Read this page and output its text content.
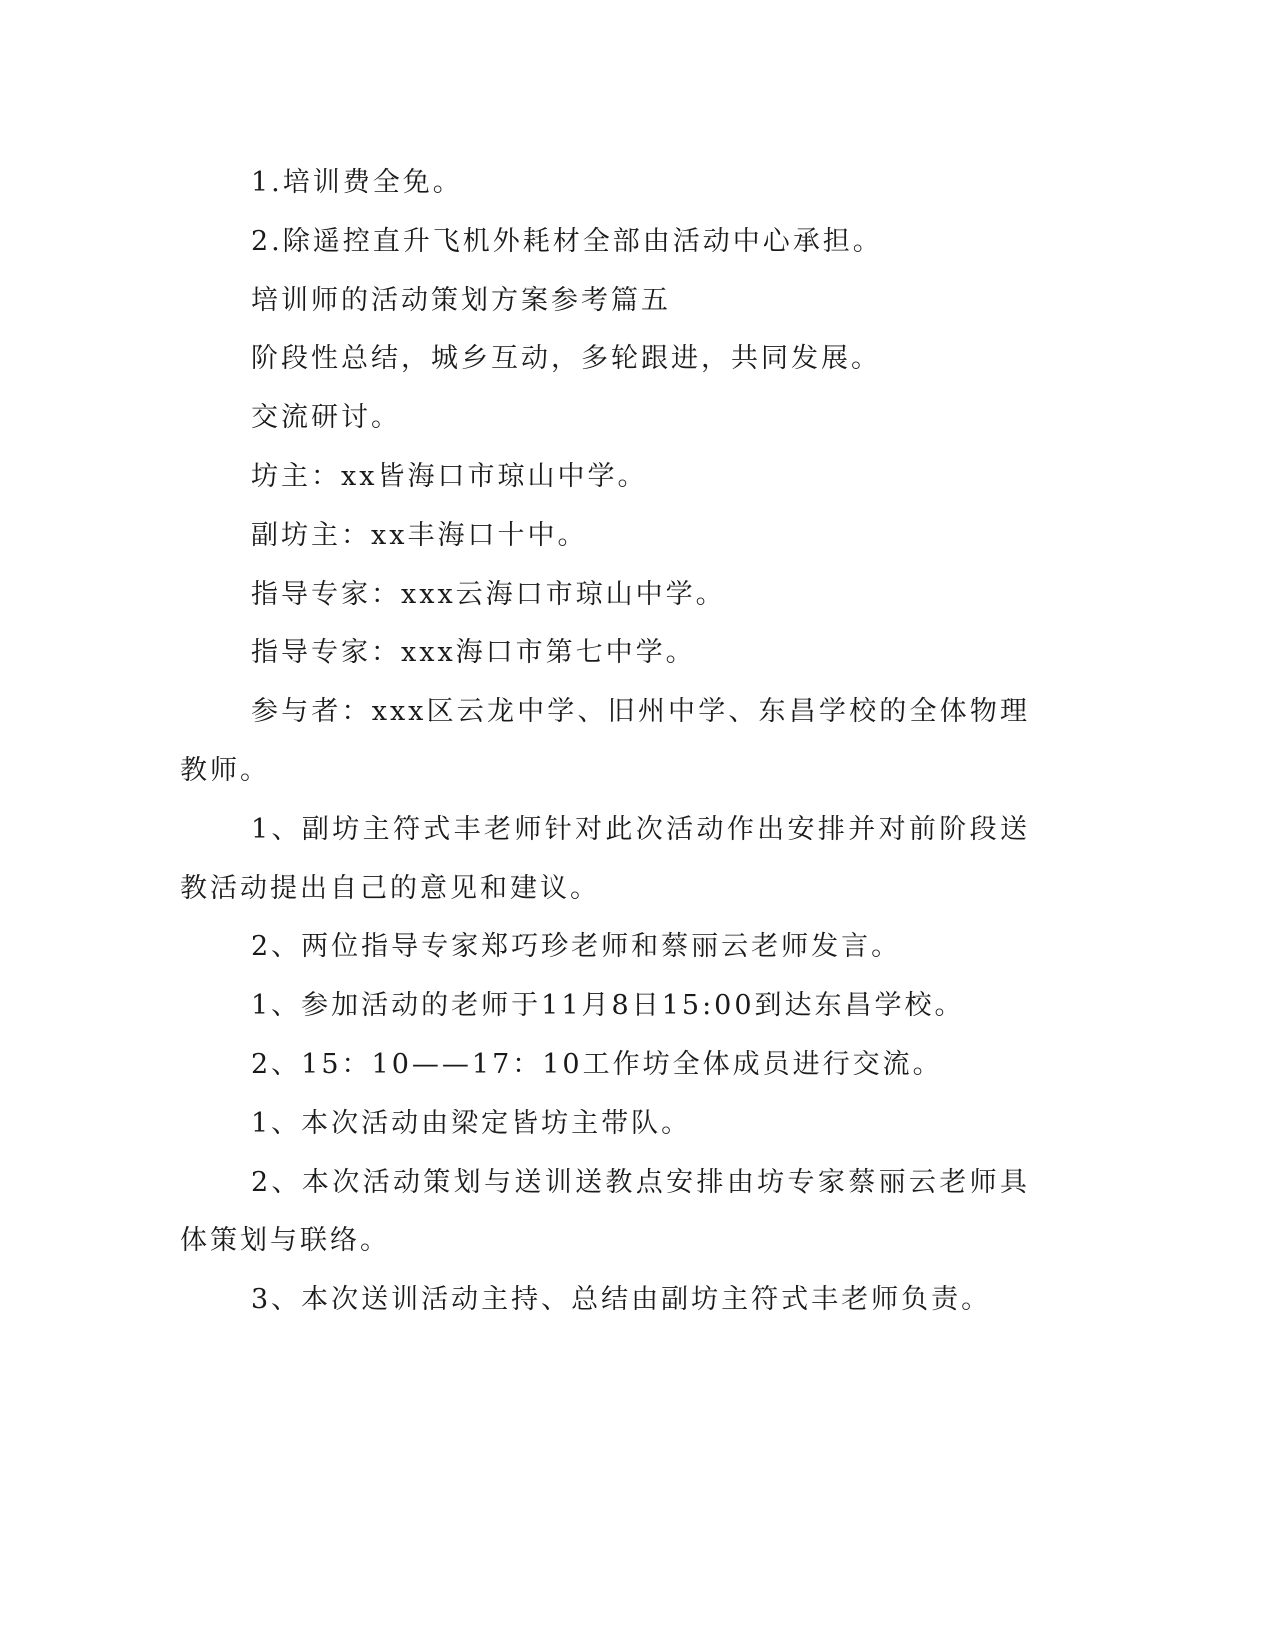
1.培训费全免。

2.除遥控直升飞机外耗材全部由活动中心承担。

培训师的活动策划方案参考篇五

阶段性总结，城乡互动，多轮跟进，共同发展。

交流研讨。

坊主：xx皆海口市琼山中学。

副坊主：xx丰海口十中。

指导专家：xxx云海口市琼山中学。

指导专家：xxx海口市第七中学。

参与者：xxx区云龙中学、旧州中学、东昌学校的全体物理教师。

1、副坊主符式丰老师针对此次活动作出安排并对前阶段送教活动提出自己的意见和建议。

2、两位指导专家郑巧珍老师和蔡丽云老师发言。

1、参加活动的老师于11月8日15:00到达东昌学校。

2、15：10——17：10工作坊全体成员进行交流。

1、本次活动由梁定皆坊主带队。

2、本次活动策划与送训送教点安排由坊专家蔡丽云老师具体策划与联络。

3、本次送训活动主持、总结由副坊主符式丰老师负责。
